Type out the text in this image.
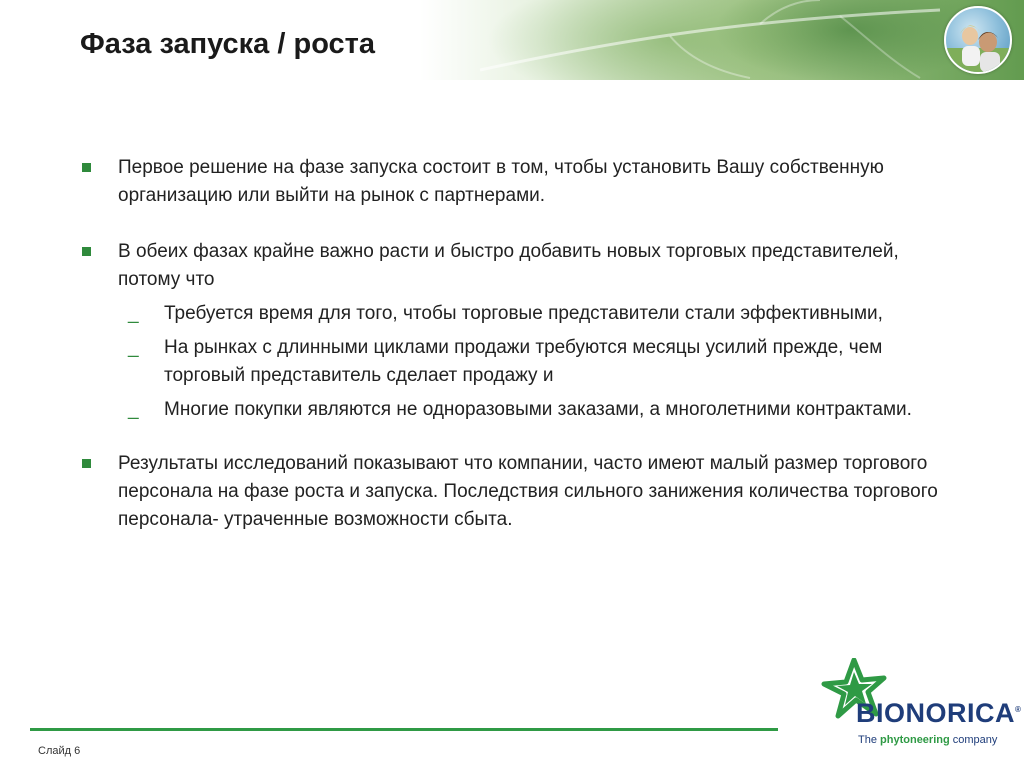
Фаза запуска / роста
Первое решение на фазе запуска состоит в том, чтобы установить Вашу собственную организацию или выйти на рынок с партнерами.
В обеих фазах крайне важно расти и быстро добавить новых торговых представителей, потому что
_ Требуется время для того, чтобы торговые представители стали эффективными,
_ На рынках с длинными циклами продажи требуются месяцы усилий прежде, чем торговый представитель сделает продажу и
_ Многие покупки являются не одноразовыми заказами, а многолетними контрактами.
Результаты исследований показывают что компании, часто имеют малый размер торгового персонала на фазе роста и запуска. Последствия сильного занижения количества торгового персонала- утраченные возможности сбыта.
Слайд 6
BIONORICA®
The phytoneering company
